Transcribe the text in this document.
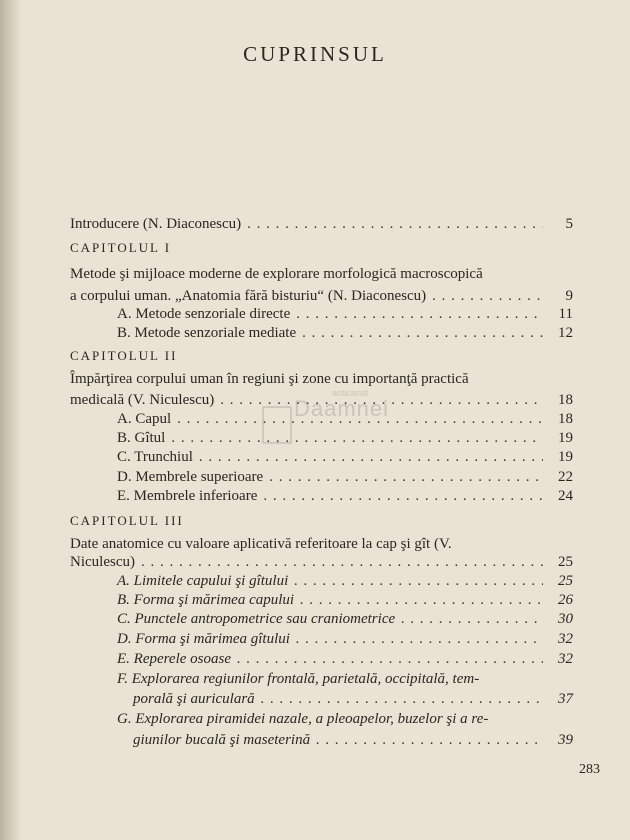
CUPRINSUL
Introducere (N. Diaconescu) . . .	5
CAPITOLUL I
Metode şi mijloace moderne de explorare morfologică macroscopică
a corpului uman. „Anatomia fără bisturiu“ (N. Diaconescu) . . .	9
A. Metode senzoriale directe . . .	11
B. Metode senzoriale mediate . . .	12
CAPITOLUL II
Împărţirea corpului uman în regiuni şi zone cu importanţă practică
medicală (V. Niculescu) . . .	18
A. Capul . . .	18
B. Gîtul . . .	19
C. Trunchiul . . .	19
D. Membrele superioare . . .	22
E. Membrele inferioare . . .	24
CAPITOLUL III
Date anatomice cu valoare aplicativă referitoare la cap şi gît (V.
Niculescu) . . .	25
A. Limitele capului şi gîtului . . .	25
B. Forma şi mărimea capului . . .	26
C. Punctele antropometrice sau craniometrice . . .	30
D. Forma şi mărimea gîtului . . .	32
E. Reperele osoase . . .	32
F. Explorarea regiunilor frontală, parietală, occipitală, tem-
porală şi auriculară . . .	37
G. Explorarea piramidei nazale, a pleoapelor, buzelor şi a re-
giunilor bucală şi maseterină . . .	39
anticariat
Daamnei
283
